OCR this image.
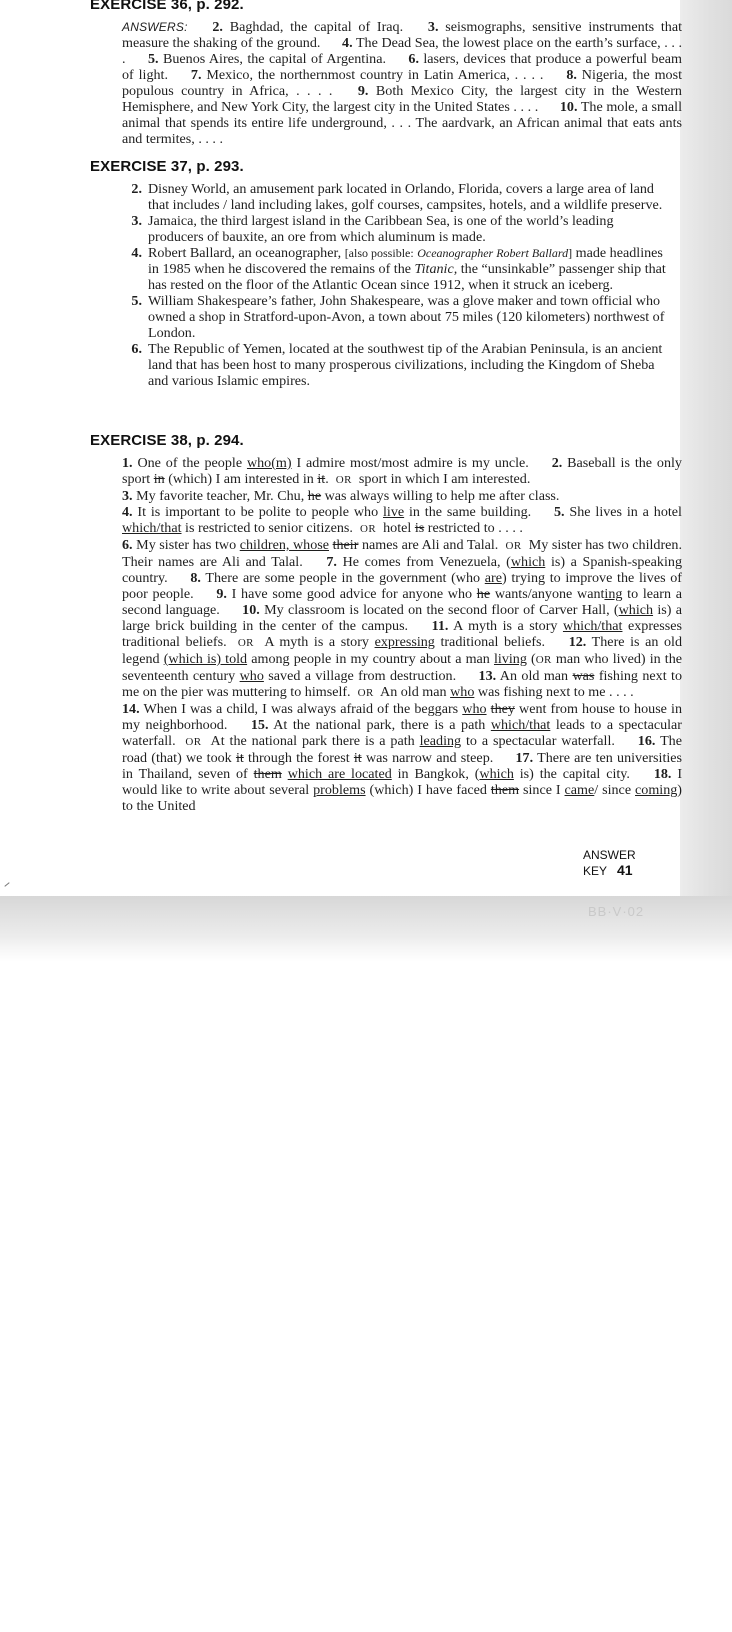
BB·V·02
EXERCISE 36, p. 292.
ANSWERS: 2. Baghdad, the capital of Iraq. 3. seismographs, sensitive instruments that measure the shaking of the ground. 4. The Dead Sea, the lowest place on the earth’s surface, . . . . 5. Buenos Aires, the capital of Argentina. 6. lasers, devices that produce a powerful beam of light. 7. Mexico, the northernmost country in Latin America, . . . . 8. Nigeria, the most populous country in Africa, . . . . 9. Both Mexico City, the largest city in the Western Hemisphere, and New York City, the largest city in the United States . . . . 10. The mole, a small animal that spends its entire life underground, . . . The aardvark, an African animal that eats ants and termites, . . . .
EXERCISE 37, p. 293.
2. Disney World, an amusement park located in Orlando, Florida, covers a large area of land that includes / land including lakes, golf courses, campsites, hotels, and a wildlife preserve.
3. Jamaica, the third largest island in the Caribbean Sea, is one of the world’s leading producers of bauxite, an ore from which aluminum is made.
4. Robert Ballard, an oceanographer, [also possible: Oceanographer Robert Ballard] made headlines in 1985 when he discovered the remains of the Titanic, the “unsinkable” passenger ship that has rested on the floor of the Atlantic Ocean since 1912, when it struck an iceberg.
5. William Shakespeare’s father, John Shakespeare, was a glove maker and town official who owned a shop in Stratford-upon-Avon, a town about 75 miles (120 kilometers) northwest of London.
6. The Republic of Yemen, located at the southwest tip of the Arabian Peninsula, is an ancient land that has been host to many prosperous civilizations, including the Kingdom of Sheba and various Islamic empires.
EXERCISE 38, p. 294.
1. One of the people who(m) I admire most/most admire is my uncle. 2. Baseball is the only sport in (which) I am interested in it. OR sport in which I am interested.
3. My favorite teacher, Mr. Chu, he was always willing to help me after class.
4. It is important to be polite to people who live in the same building. 5. She lives in a hotel which/that is restricted to senior citizens. OR hotel is restricted to . . . .
6. My sister has two children, whose their names are Ali and Talal. OR My sister has two children. Their names are Ali and Talal. 7. He comes from Venezuela, (which is) a Spanish-speaking country. 8. There are some people in the government (who are) trying to improve the lives of poor people. 9. I have some good advice for anyone who he wants/anyone wanting to learn a second language. 10. My classroom is located on the second floor of Carver Hall, (which is) a large brick building in the center of the campus. 11. A myth is a story which/that expresses traditional beliefs. OR A myth is a story expressing traditional beliefs. 12. There is an old legend (which is) told among people in my country about a man living (OR man who lived) in the seventeenth century who saved a village from destruction. 13. An old man was fishing next to me on the pier was muttering to himself. OR An old man who was fishing next to me . . . .
14. When I was a child, I was always afraid of the beggars who they went from house to house in my neighborhood. 15. At the national park, there is a path which/that leads to a spectacular waterfall. OR At the national park there is a path leading to a spectacular waterfall. 16. The road (that) we took it through the forest it was narrow and steep. 17. There are ten universities in Thailand, seven of them which are located in Bangkok, (which is) the capital city. 18. I would like to write about several problems (which) I have faced them since I came/ since coming) to the United
ANSWER KEY 41
